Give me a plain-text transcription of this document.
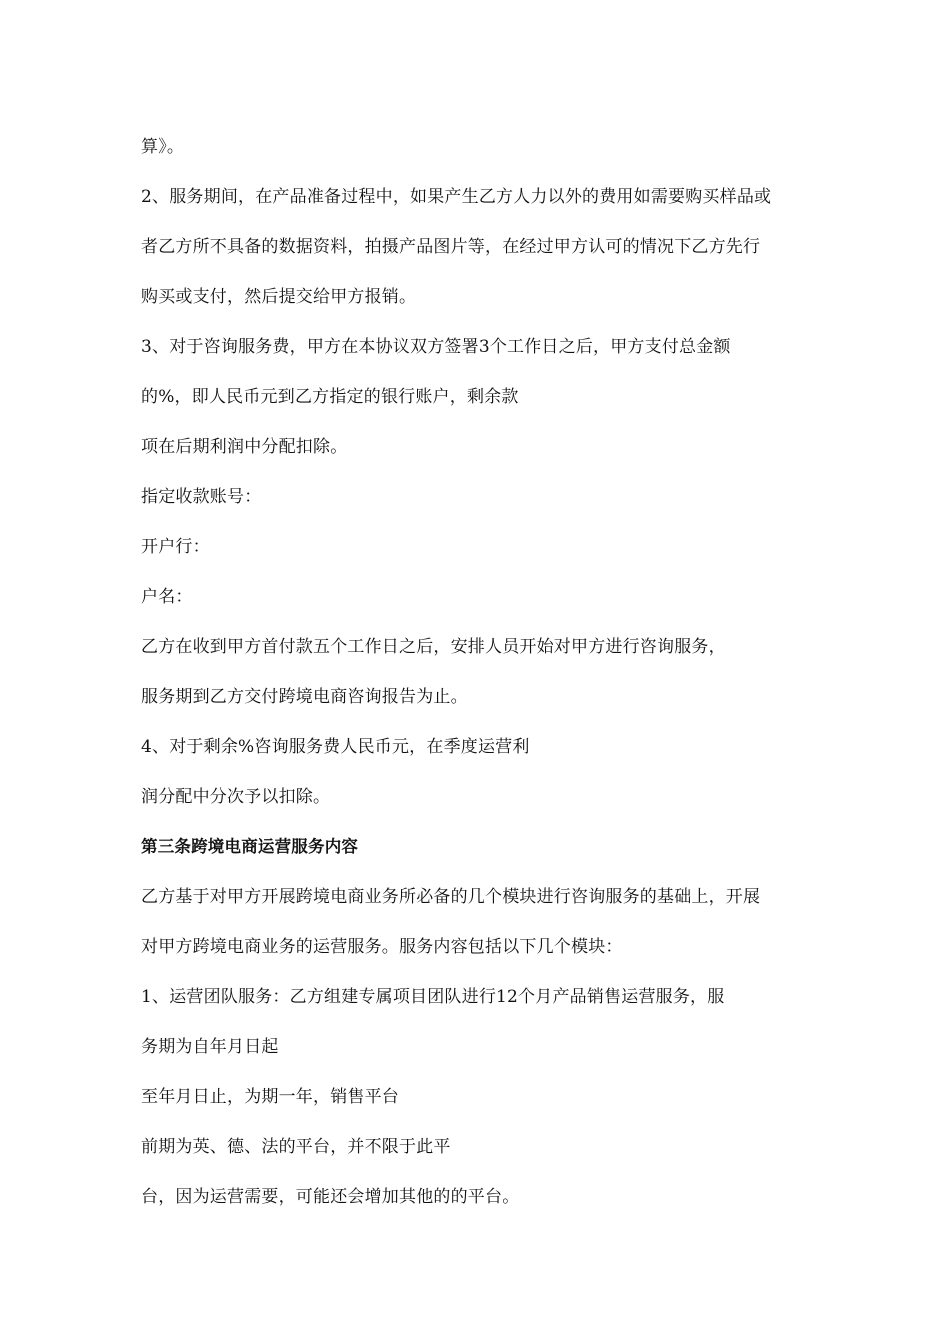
算》。
2、服务期间，在产品准备过程中，如果产生乙方人力以外的费用如需要购买样品或
者乙方所不具备的数据资料，拍摄产品图片等，在经过甲方认可的情况下乙方先行
购买或支付，然后提交给甲方报销。
3、对于咨询服务费，甲方在本协议双方签署3个工作日之后，甲方支付总金额
的%，即人民币元到乙方指定的银行账户，剩余款
项在后期利润中分配扣除。
指定收款账号：
开户行：
户名：
乙方在收到甲方首付款五个工作日之后，安排人员开始对甲方进行咨询服务，
服务期到乙方交付跨境电商咨询报告为止。
4、对于剩余%咨询服务费人民币元，在季度运营利
润分配中分次予以扣除。
第三条跨境电商运营服务内容
乙方基于对甲方开展跨境电商业务所必备的几个模块进行咨询服务的基础上，开展
对甲方跨境电商业务的运营服务。服务内容包括以下几个模块：
1、运营团队服务：乙方组建专属项目团队进行12个月产品销售运营服务，服
务期为自年月日起
至年月日止，为期一年，销售平台
前期为英、德、法的平台，并不限于此平
台，因为运营需要，可能还会增加其他的的平台。
